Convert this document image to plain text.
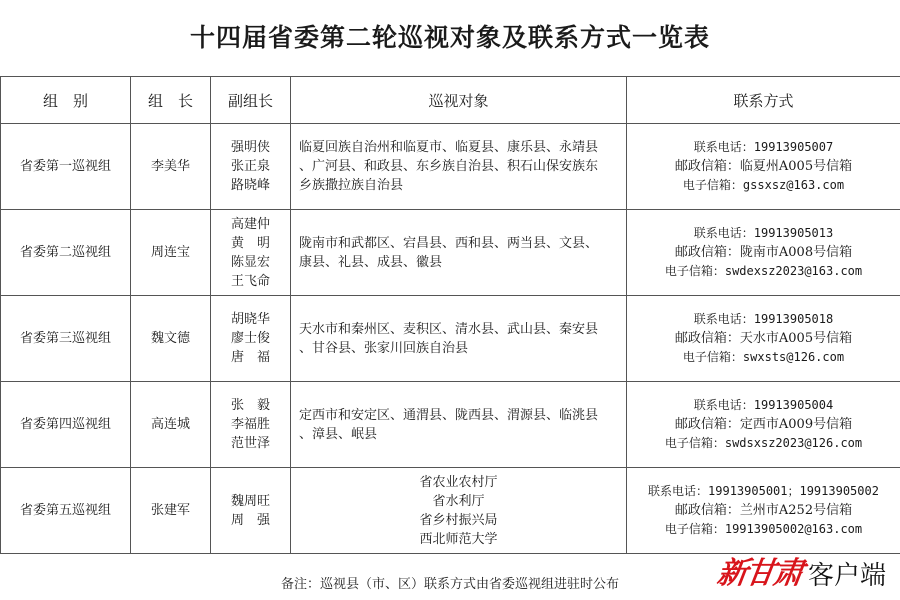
十四届省委第二轮巡视对象及联系方式一览表
组　别	组　长	副组长	巡视对象	联系方式

省委第一巡视组	李美华	强明侠
张正泉
路晓峰	临夏回族自治州和临夏市、临夏县、康乐县、永靖县
、广河县、和政县、东乡族自治县、积石山保安族东
乡族撒拉族自治县	联系电话：19913905007
邮政信箱：临夏州A005号信箱
电子信箱：gssxsz@163.com

省委第二巡视组	周连宝	高建仲
黄　明
陈显宏
王飞命	陇南市和武都区、宕昌县、西和县、两当县、文县、
康县、礼县、成县、徽县	联系电话：19913905013
邮政信箱：陇南市A008号信箱
电子信箱：swdexsz2023@163.com

省委第三巡视组	魏文德	胡晓华
廖士俊
唐　福	天水市和秦州区、麦积区、清水县、武山县、秦安县
、甘谷县、张家川回族自治县	联系电话：19913905018
邮政信箱：天水市A005号信箱
电子信箱：swxsts@126.com

省委第四巡视组	高连城	张　毅
李福胜
范世泽	定西市和安定区、通渭县、陇西县、渭源县、临洮县
、漳县、岷县	联系电话：19913905004
邮政信箱：定西市A009号信箱
电子信箱：swdsxsz2023@126.com

省委第五巡视组	张建军	魏周旺
周　强	省农业农村厅
省水利厅
省乡村振兴局
西北师范大学	联系电话：19913905001；19913905002
邮政信箱：兰州市A252号信箱
电子信箱：19913905002@163.com
备注：巡视县（市、区）联系方式由省委巡视组进驻时公布	新甘肃 客户端
